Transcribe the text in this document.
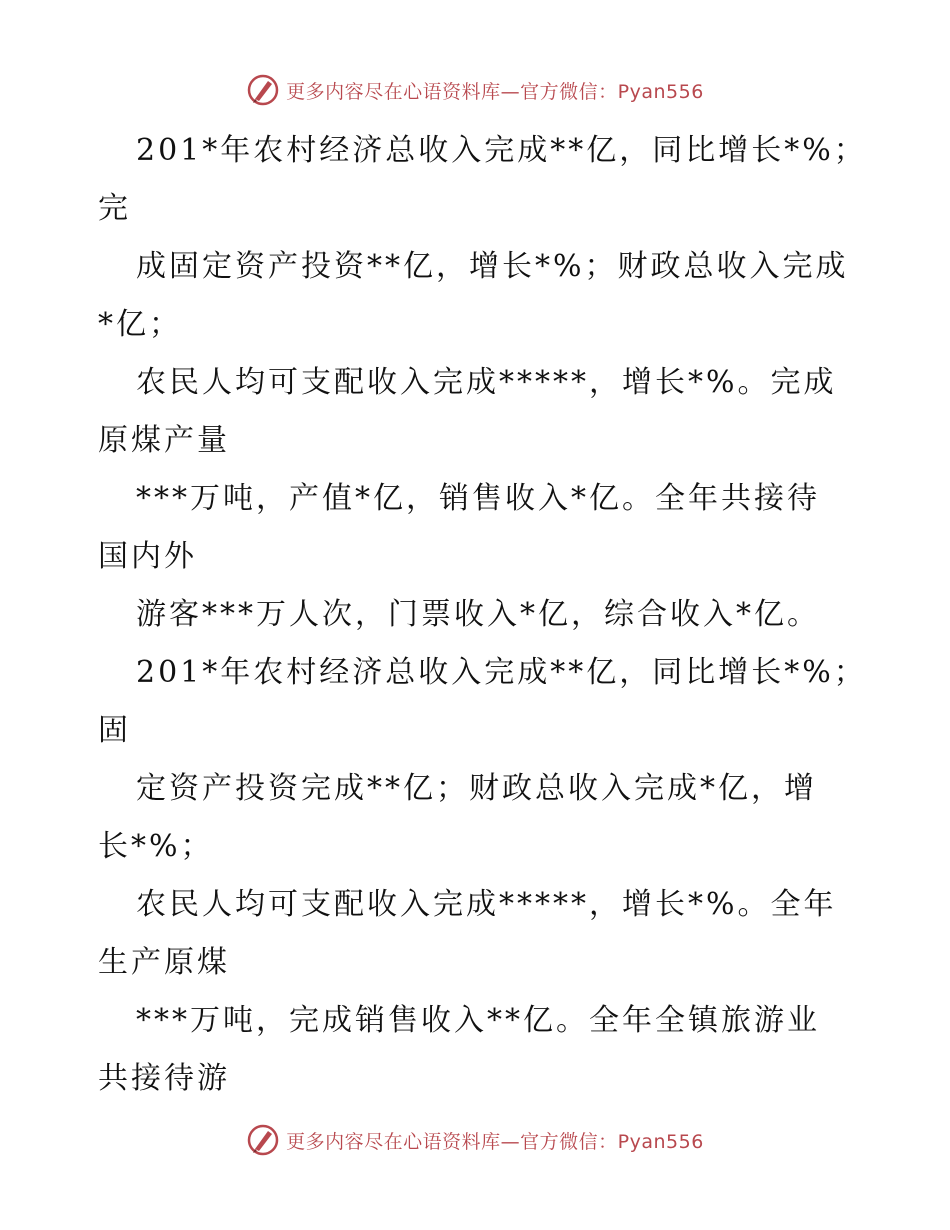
更多内容尽在心语资料库—官方微信：Pyan556
201*年农村经济总收入完成**亿，同比增长*%；
完
成固定资产投资**亿，增长*%；财政总收入完成
*亿；
农民人均可支配收入完成*****，增长*%。完成
原煤产量
***万吨，产值*亿，销售收入*亿。全年共接待
国内外
游客***万人次，门票收入*亿，综合收入*亿。
201*年农村经济总收入完成**亿，同比增长*%；
固
定资产投资完成**亿；财政总收入完成*亿，增
长*%；
农民人均可支配收入完成*****，增长*%。全年
生产原煤
***万吨，完成销售收入**亿。全年全镇旅游业
共接待游
更多内容尽在心语资料库—官方微信：Pyan556
